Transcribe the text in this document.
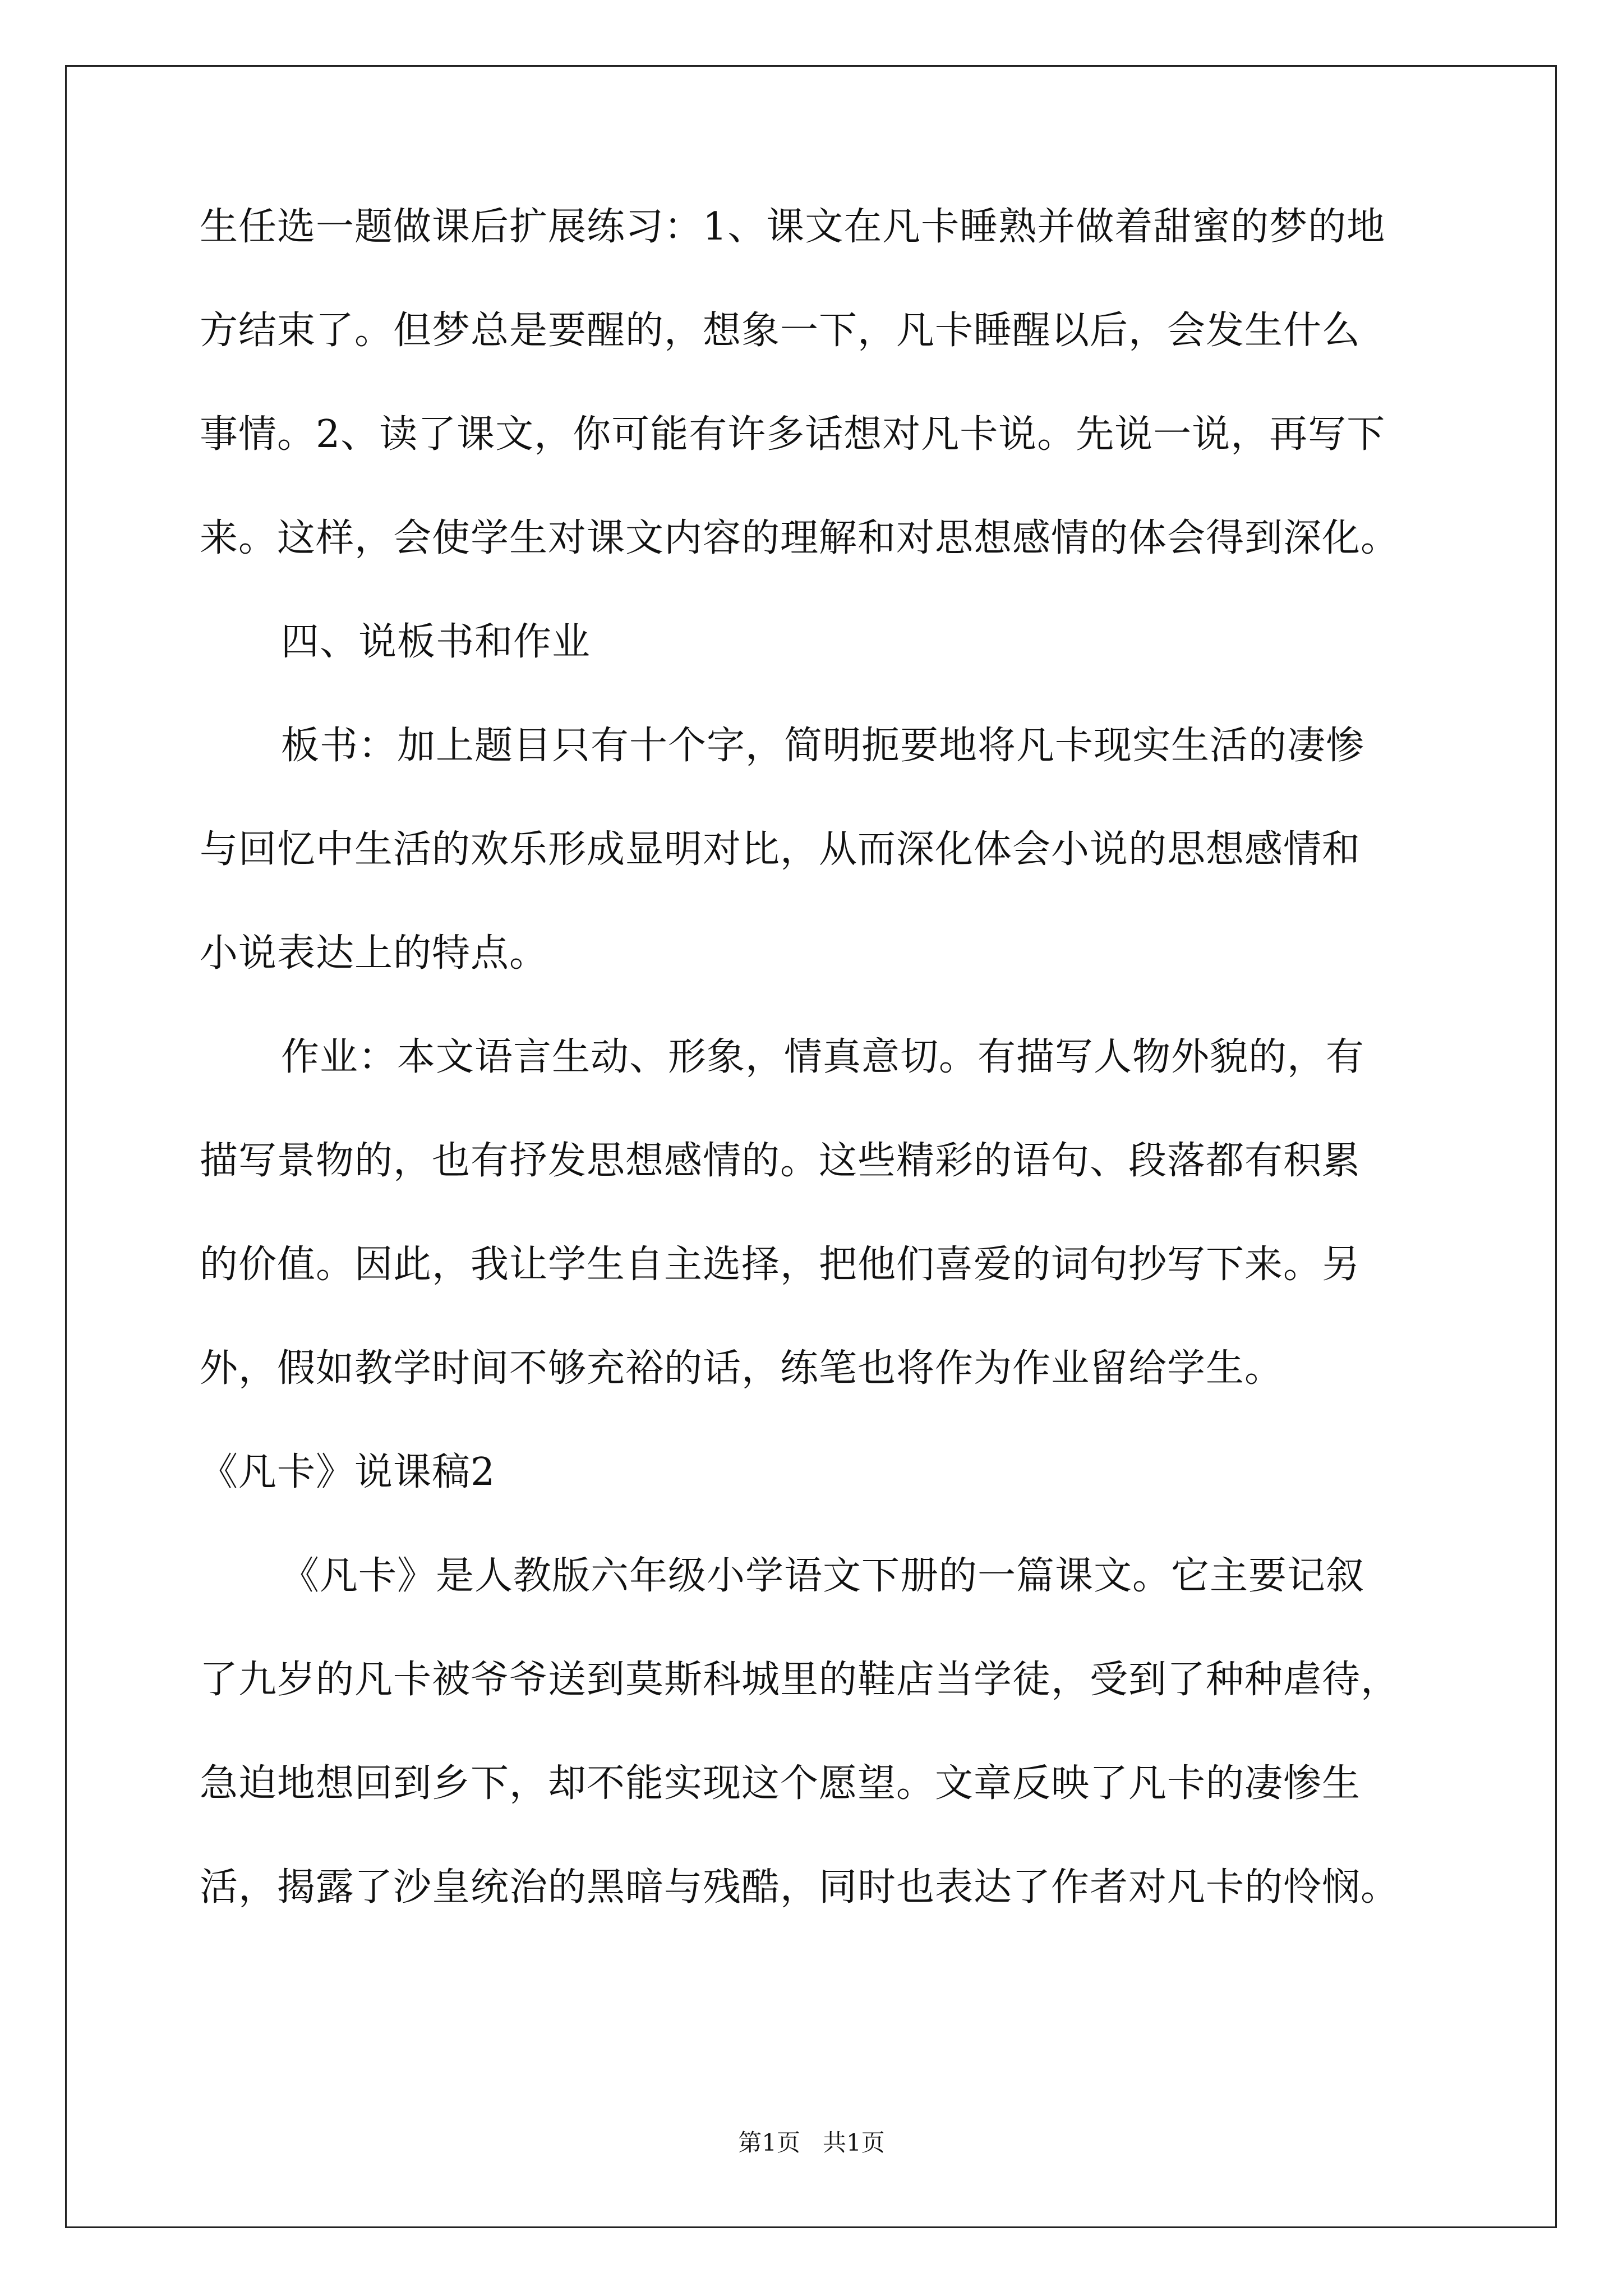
生任选一题做课后扩展练习：1、课文在凡卡睡熟并做着甜蜜的梦的地
方结束了。但梦总是要醒的，想象一下，凡卡睡醒以后，会发生什么
事情。2、读了课文，你可能有许多话想对凡卡说。先说一说，再写下
来。这样，会使学生对课文内容的理解和对思想感情的体会得到深化。
四、说板书和作业
板书：加上题目只有十个字，简明扼要地将凡卡现实生活的凄惨
与回忆中生活的欢乐形成显明对比，从而深化体会小说的思想感情和
小说表达上的特点。
作业：本文语言生动、形象，情真意切。有描写人物外貌的，有
描写景物的，也有抒发思想感情的。这些精彩的语句、段落都有积累
的价值。因此，我让学生自主选择，把他们喜爱的词句抄写下来。另
外，假如教学时间不够充裕的话，练笔也将作为作业留给学生。
《凡卡》说课稿2
《凡卡》是人教版六年级小学语文下册的一篇课文。它主要记叙
了九岁的凡卡被爷爷送到莫斯科城里的鞋店当学徒，受到了种种虐待，
急迫地想回到乡下，却不能实现这个愿望。文章反映了凡卡的凄惨生
活，揭露了沙皇统治的黑暗与残酷，同时也表达了作者对凡卡的怜悯。
第1页   共1页
